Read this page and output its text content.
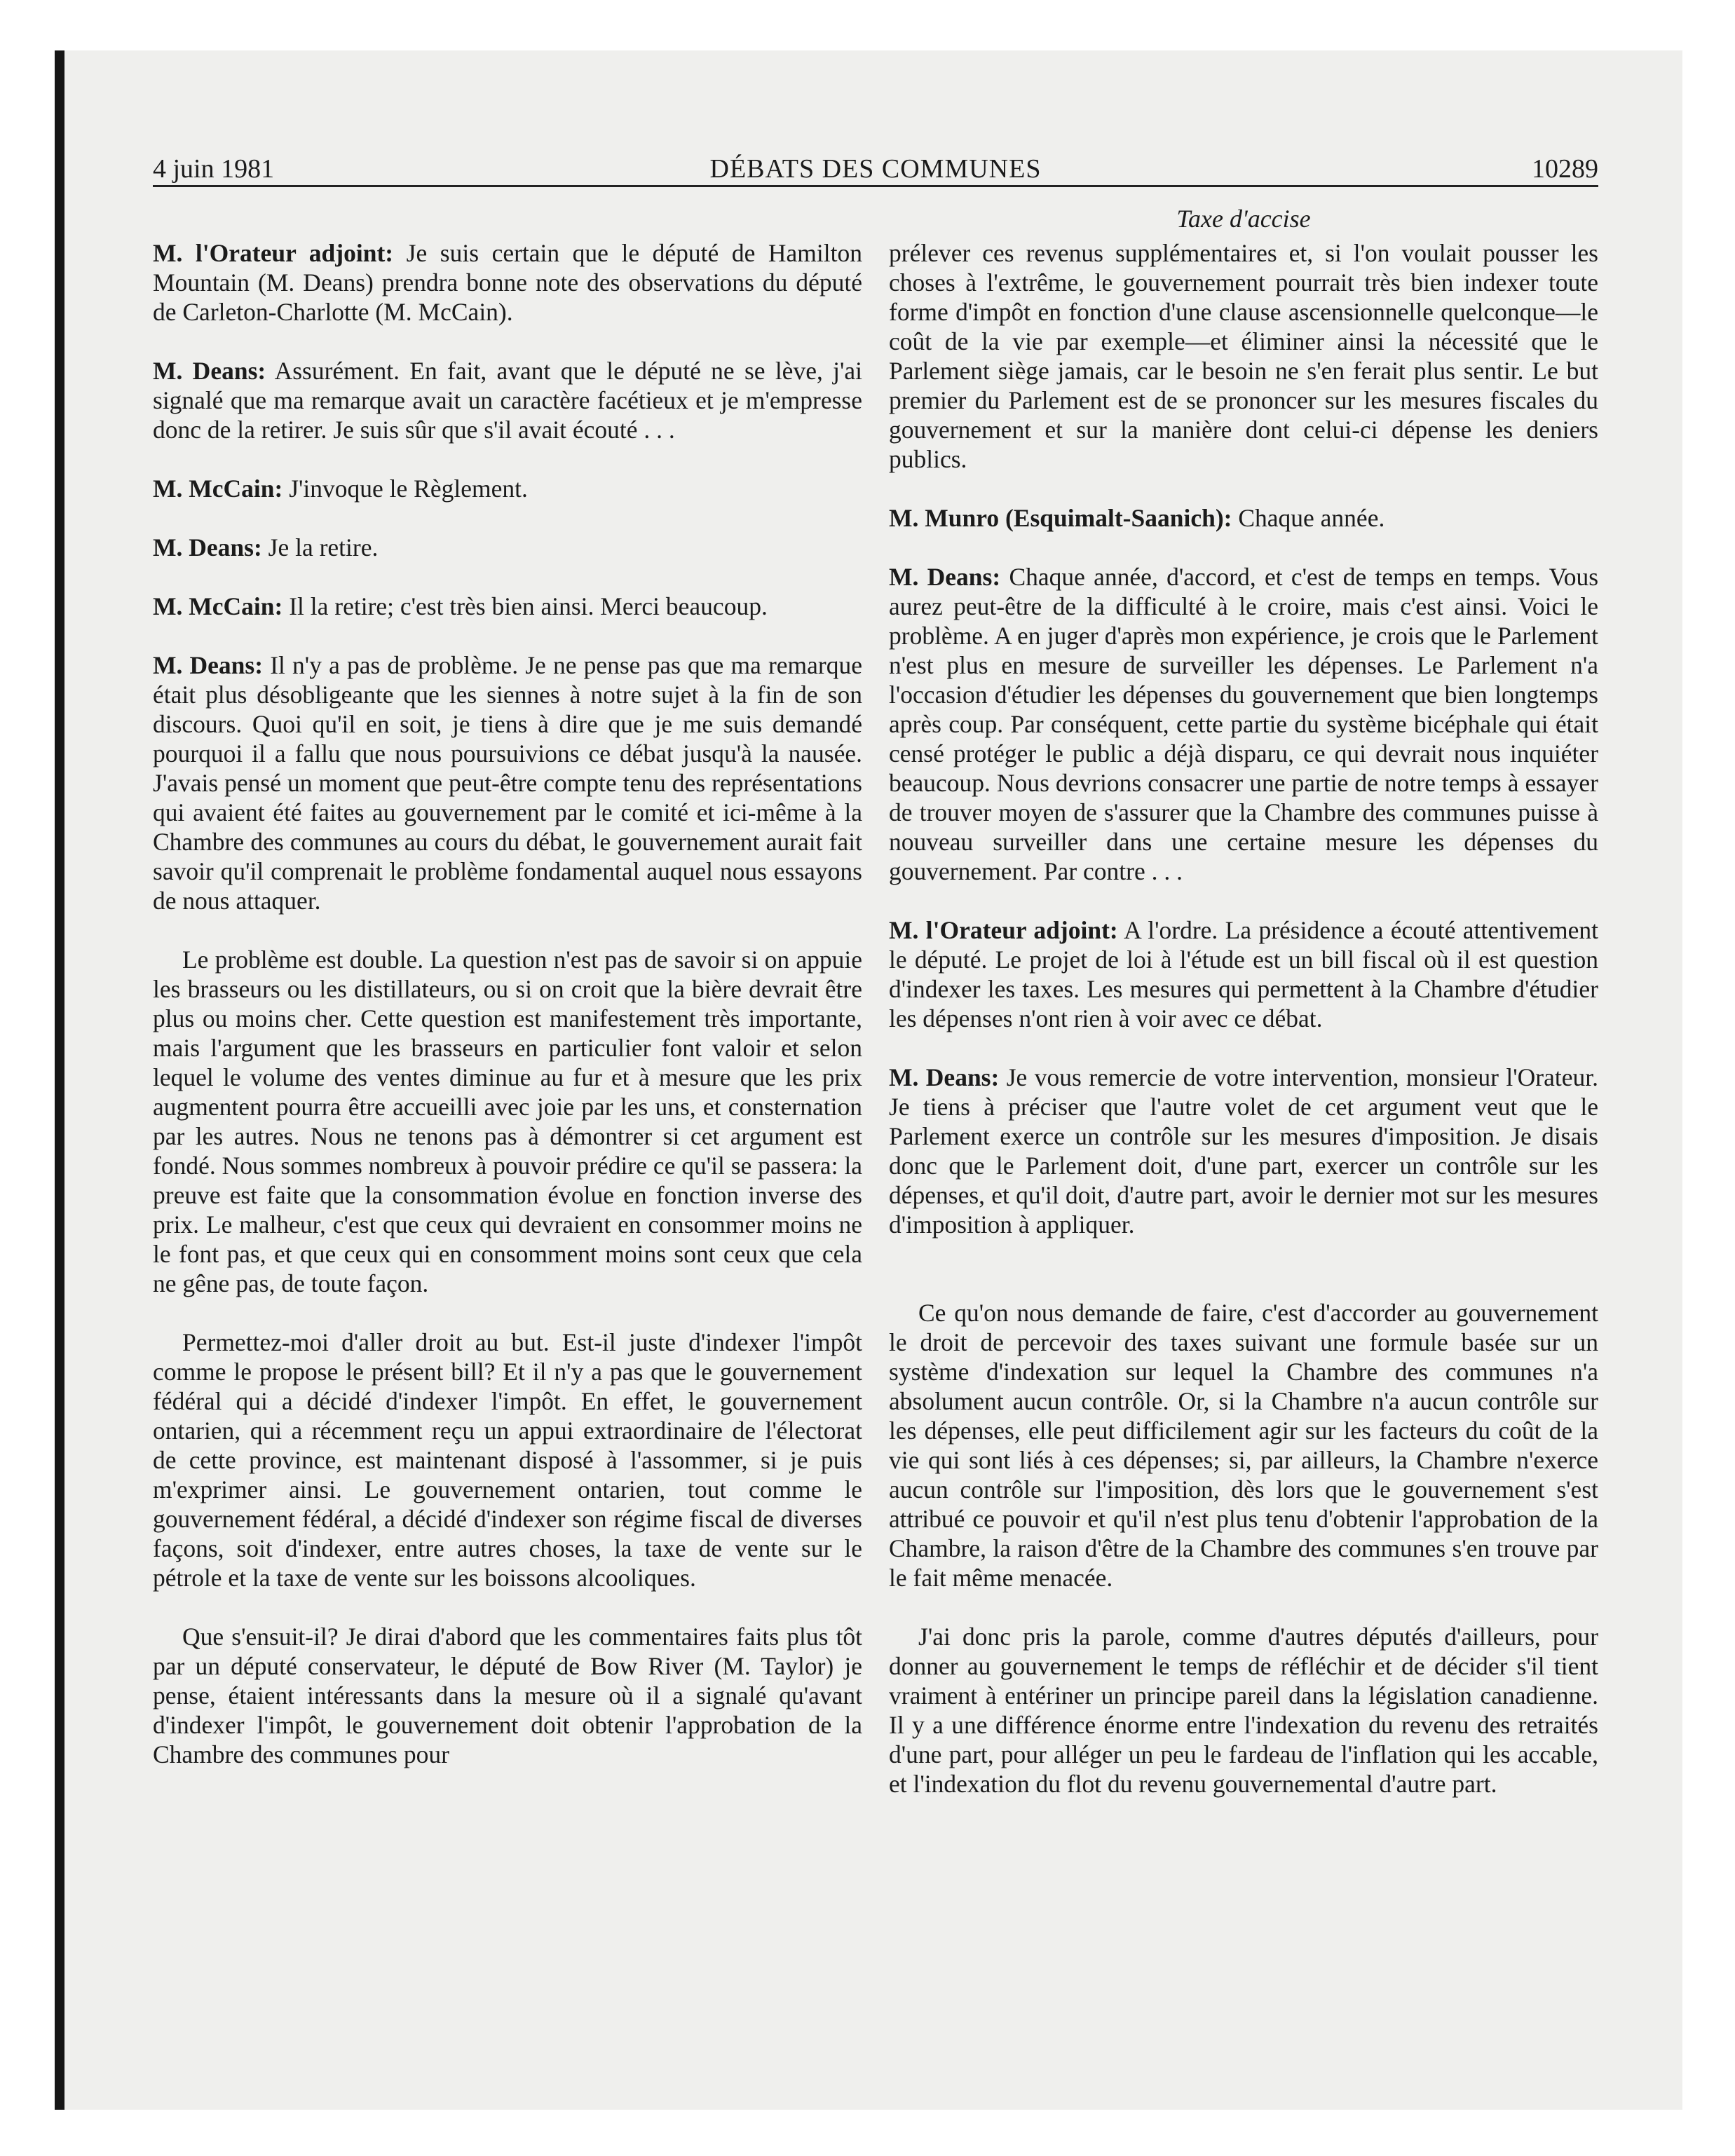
4 juin 1981	DÉBATS DES COMMUNES	10289
Taxe d'accise

M. l'Orateur adjoint: Je suis certain que le député de Hamilton Mountain (M. Deans) prendra bonne note des observations du député de Carleton-Charlotte (M. McCain).

M. Deans: Assurément. En fait, avant que le député ne se lève, j'ai signalé que ma remarque avait un caractère facétieux et je m'empresse donc de la retirer. Je suis sûr que s'il avait écouté . . .

M. McCain: J'invoque le Règlement.

M. Deans: Je la retire.

M. McCain: Il la retire; c'est très bien ainsi. Merci beaucoup.

M. Deans: Il n'y a pas de problème. Je ne pense pas que ma remarque était plus désobligeante que les siennes à notre sujet à la fin de son discours. Quoi qu'il en soit, je tiens à dire que je me suis demandé pourquoi il a fallu que nous poursuivions ce débat jusqu'à la nausée. J'avais pensé un moment que peut-être compte tenu des représentations qui avaient été faites au gouvernement par le comité et ici-même à la Chambre des communes au cours du débat, le gouvernement aurait fait savoir qu'il comprenait le problème fondamental auquel nous essayons de nous attaquer.

Le problème est double. La question n'est pas de savoir si on appuie les brasseurs ou les distillateurs, ou si on croit que la bière devrait être plus ou moins cher. Cette question est manifestement très importante, mais l'argument que les brasseurs en particulier font valoir et selon lequel le volume des ventes diminue au fur et à mesure que les prix augmentent pourra être accueilli avec joie par les uns, et consternation par les autres. Nous ne tenons pas à démontrer si cet argument est fondé. Nous sommes nombreux à pouvoir prédire ce qu'il se passera: la preuve est faite que la consommation évolue en fonction inverse des prix. Le malheur, c'est que ceux qui devraient en consommer moins ne le font pas, et que ceux qui en consomment moins sont ceux que cela ne gêne pas, de toute façon.

Permettez-moi d'aller droit au but. Est-il juste d'indexer l'impôt comme le propose le présent bill? Et il n'y a pas que le gouvernement fédéral qui a décidé d'indexer l'impôt. En effet, le gouvernement ontarien, qui a récemment reçu un appui extraordinaire de l'électorat de cette province, est maintenant disposé à l'assommer, si je puis m'exprimer ainsi. Le gouvernement ontarien, tout comme le gouvernement fédéral, a décidé d'indexer son régime fiscal de diverses façons, soit d'indexer, entre autres choses, la taxe de vente sur le pétrole et la taxe de vente sur les boissons alcooliques.

Que s'ensuit-il? Je dirai d'abord que les commentaires faits plus tôt par un député conservateur, le député de Bow River (M. Taylor) je pense, étaient intéressants dans la mesure où il a signalé qu'avant d'indexer l'impôt, le gouvernement doit obtenir l'approbation de la Chambre des communes pour

prélever ces revenus supplémentaires et, si l'on voulait pousser les choses à l'extrême, le gouvernement pourrait très bien indexer toute forme d'impôt en fonction d'une clause ascensionnelle quelconque—le coût de la vie par exemple—et éliminer ainsi la nécessité que le Parlement siège jamais, car le besoin ne s'en ferait plus sentir. Le but premier du Parlement est de se prononcer sur les mesures fiscales du gouvernement et sur la manière dont celui-ci dépense les deniers publics.

M. Munro (Esquimalt-Saanich): Chaque année.

M. Deans: Chaque année, d'accord, et c'est de temps en temps. Vous aurez peut-être de la difficulté à le croire, mais c'est ainsi. Voici le problème. A en juger d'après mon expérience, je crois que le Parlement n'est plus en mesure de surveiller les dépenses. Le Parlement n'a l'occasion d'étudier les dépenses du gouvernement que bien longtemps après coup. Par conséquent, cette partie du système bicéphale qui était censé protéger le public a déjà disparu, ce qui devrait nous inquiéter beaucoup. Nous devrions consacrer une partie de notre temps à essayer de trouver moyen de s'assurer que la Chambre des communes puisse à nouveau surveiller dans une certaine mesure les dépenses du gouvernement. Par contre . . .

M. l'Orateur adjoint: A l'ordre. La présidence a écouté attentivement le député. Le projet de loi à l'étude est un bill fiscal où il est question d'indexer les taxes. Les mesures qui permettent à la Chambre d'étudier les dépenses n'ont rien à voir avec ce débat.

M. Deans: Je vous remercie de votre intervention, monsieur l'Orateur. Je tiens à préciser que l'autre volet de cet argument veut que le Parlement exerce un contrôle sur les mesures d'imposition. Je disais donc que le Parlement doit, d'une part, exercer un contrôle sur les dépenses, et qu'il doit, d'autre part, avoir le dernier mot sur les mesures d'imposition à appliquer.

Ce qu'on nous demande de faire, c'est d'accorder au gouvernement le droit de percevoir des taxes suivant une formule basée sur un système d'indexation sur lequel la Chambre des communes n'a absolument aucun contrôle. Or, si la Chambre n'a aucun contrôle sur les dépenses, elle peut difficilement agir sur les facteurs du coût de la vie qui sont liés à ces dépenses; si, par ailleurs, la Chambre n'exerce aucun contrôle sur l'imposition, dès lors que le gouvernement s'est attribué ce pouvoir et qu'il n'est plus tenu d'obtenir l'approbation de la Chambre, la raison d'être de la Chambre des communes s'en trouve par le fait même menacée.

J'ai donc pris la parole, comme d'autres députés d'ailleurs, pour donner au gouvernement le temps de réfléchir et de décider s'il tient vraiment à entériner un principe pareil dans la législation canadienne. Il y a une différence énorme entre l'indexation du revenu des retraités d'une part, pour alléger un peu le fardeau de l'inflation qui les accable, et l'indexation du flot du revenu gouvernemental d'autre part.
